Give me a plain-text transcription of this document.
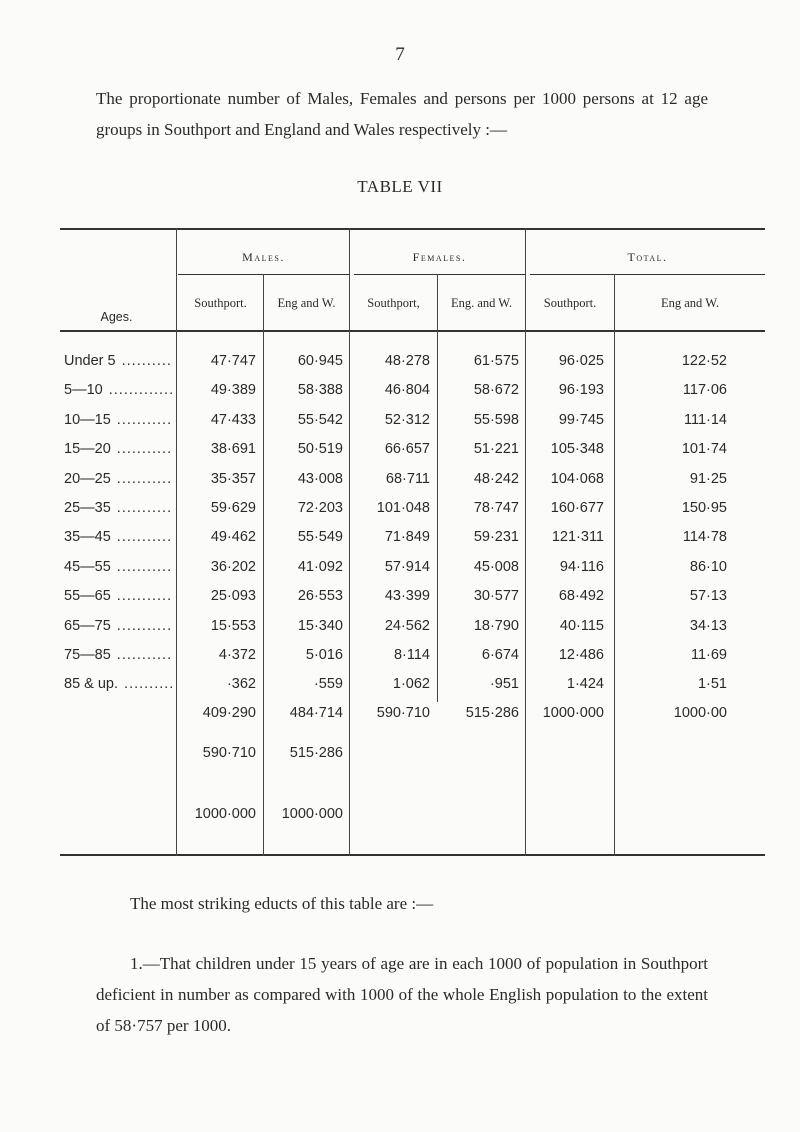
7
The proportionate number of Males, Females and persons per 1000 persons at 12 age groups in Southport and England and Wales respectively :—
TABLE VII
Males.	Females.	Total.
Ages.
Southport.	Eng and W.	Southport,	Eng. and W.	Southport.	Eng and W.
Under 5 .....	47·747	60·945	48·278	61·575	96·025	122·52
5—10 .....	49·389	58·388	46·804	58·672	96·193	117·06
10—15 .....	47·433	55·542	52·312	55·598	99·745	111·14
15—20 .....	38·691	50·519	66·657	51·221	105·348	101·74
20—25 .....	35·357	43·008	68·711	48·242	104·068	91·25
25—35 .....	59·629	72·203	101·048	78·747	160·677	150·95
35—45 .....	49·462	55·549	71·849	59·231	121·311	114·78
45—55 .....	36·202	41·092	57·914	45·008	94·116	86·10
55—65 .....	25·093	26·553	43·399	30·577	68·492	57·13
65—75 .....	15·553	15·340	24·562	18·790	40·115	34·13
75—85 .....	4·372	5·016	8·114	6·674	12·486	11·69
85 & up. .....	·362	·559	1·062	·951	1·424	1·51
409·290	484·714	590·710	515·286	1000·000	1000·00
590·710	515·286
1000·000	1000·000
The most striking educts of this table are :—
1.—That children under 15 years of age are in each 1000 of population in Southport deficient in number as compared with 1000 of the whole English population to the extent of 58·757 per 1000.
